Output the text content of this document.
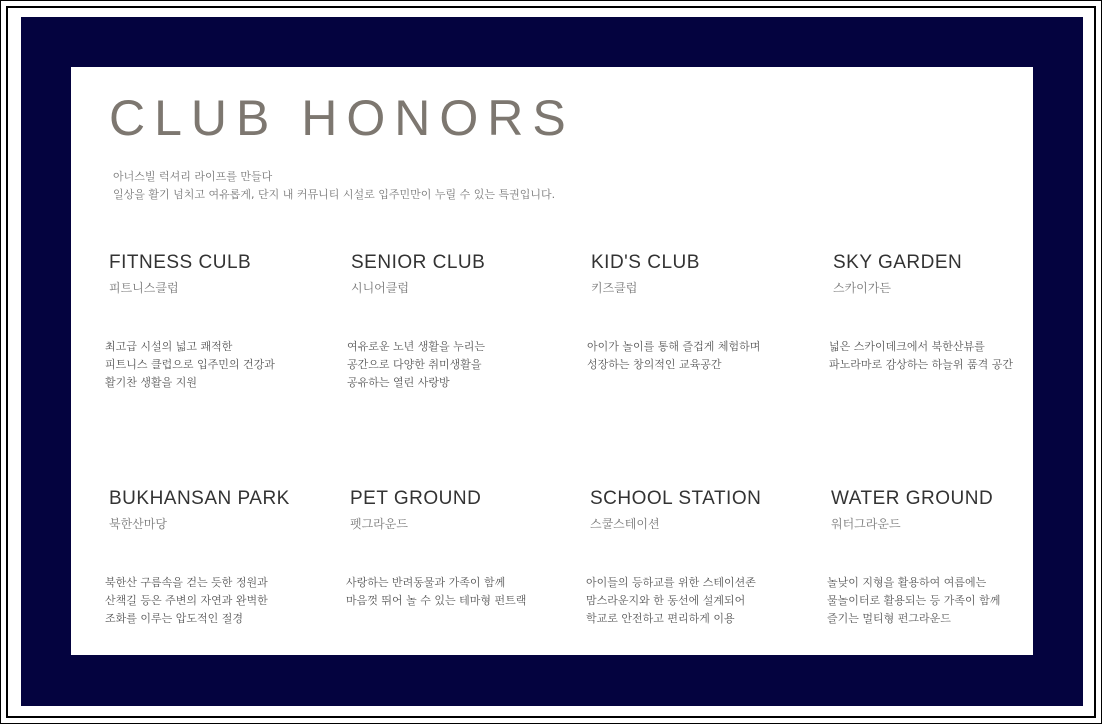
CLUB HONORS
아너스빌 럭셔리 라이프를 만들다
일상을 활기 넘치고 여유롭게, 단지 내 커뮤니티 시설로 입주민만이 누릴 수 있는 특권입니다.
FITNESS CULB
피트니스클럽
최고급 시설의 넓고 쾌적한
피트니스 클럽으로 입주민의 건강과
활기찬 생활을 지원
SENIOR CLUB
시니어클럽
여유로운 노년 생활을 누리는
공간으로 다양한 취미생활을
공유하는 열린 사랑방
KID'S CLUB
키즈클럽
아이가 놀이를 통해 즐겁게 체험하며
성장하는 창의적인 교육공간
SKY GARDEN
스카이가든
넓은 스카이데크에서 북한산뷰를
파노라마로 감상하는 하늘위 품격 공간
BUKHANSAN PARK
북한산마당
북한산 구름속을 걷는 듯한 정원과
산책길 등은 주변의 자연과 완벽한
조화를 이루는 압도적인 절경
PET GROUND
펫그라운드
사랑하는 반려동물과 가족이 함께
마음껏 뛰어 놀 수 있는 테마형 펀트랙
SCHOOL STATION
스쿨스테이션
아이들의 등하교를 위한 스테이션존
맘스라운지와 한 동선에 설계되어
학교로 안전하고 편리하게 이용
WATER GROUND
워터그라운드
놀낮이 지형을 활용하여 여름에는
물놀이터로 활용되는 등 가족이 함께
즐기는 멀티형 펀그라운드
